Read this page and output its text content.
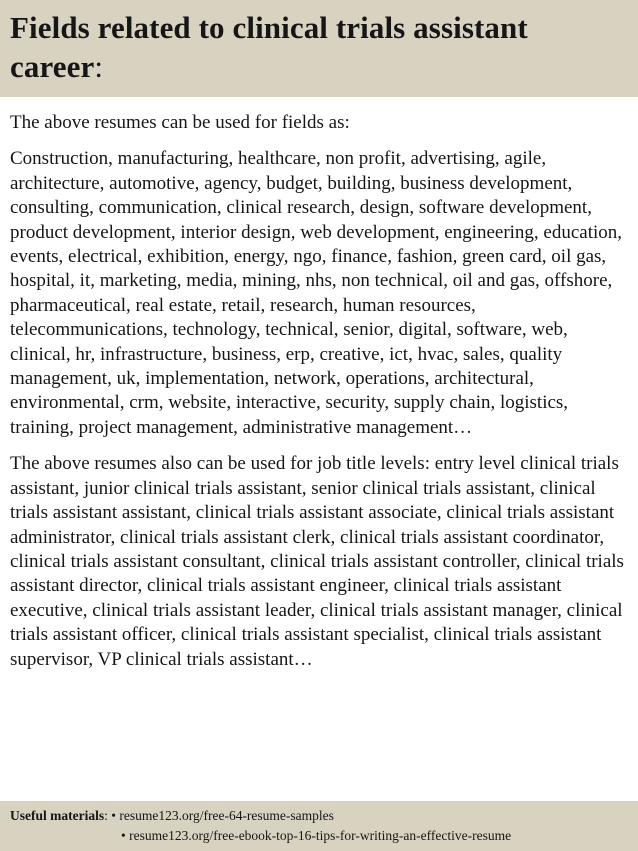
Fields related to clinical trials assistant career:

The above resumes can be used for fields as:

Construction, manufacturing, healthcare, non profit, advertising, agile, architecture, automotive, agency, budget, building, business development, consulting, communication, clinical research, design, software development, product development, interior design, web development, engineering, education, events, electrical, exhibition, energy, ngo, finance, fashion, green card, oil gas, hospital, it, marketing, media, mining, nhs, non technical, oil and gas, offshore, pharmaceutical, real estate, retail, research, human resources, telecommunications, technology, technical, senior, digital, software, web, clinical, hr, infrastructure, business, erp, creative, ict, hvac, sales, quality management, uk, implementation, network, operations, architectural, environmental, crm, website, interactive, security, supply chain, logistics, training, project management, administrative management…

The above resumes also can be used for job title levels: entry level clinical trials assistant, junior clinical trials assistant, senior clinical trials assistant, clinical trials assistant assistant, clinical trials assistant associate, clinical trials assistant administrator, clinical trials assistant clerk, clinical trials assistant coordinator, clinical trials assistant consultant, clinical trials assistant controller, clinical trials assistant director, clinical trials assistant engineer, clinical trials assistant executive, clinical trials assistant leader, clinical trials assistant manager, clinical trials assistant officer, clinical trials assistant specialist, clinical trials assistant supervisor, VP clinical trials assistant…

Useful materials: • resume123.org/free-64-resume-samples
• resume123.org/free-ebook-top-16-tips-for-writing-an-effective-resume
